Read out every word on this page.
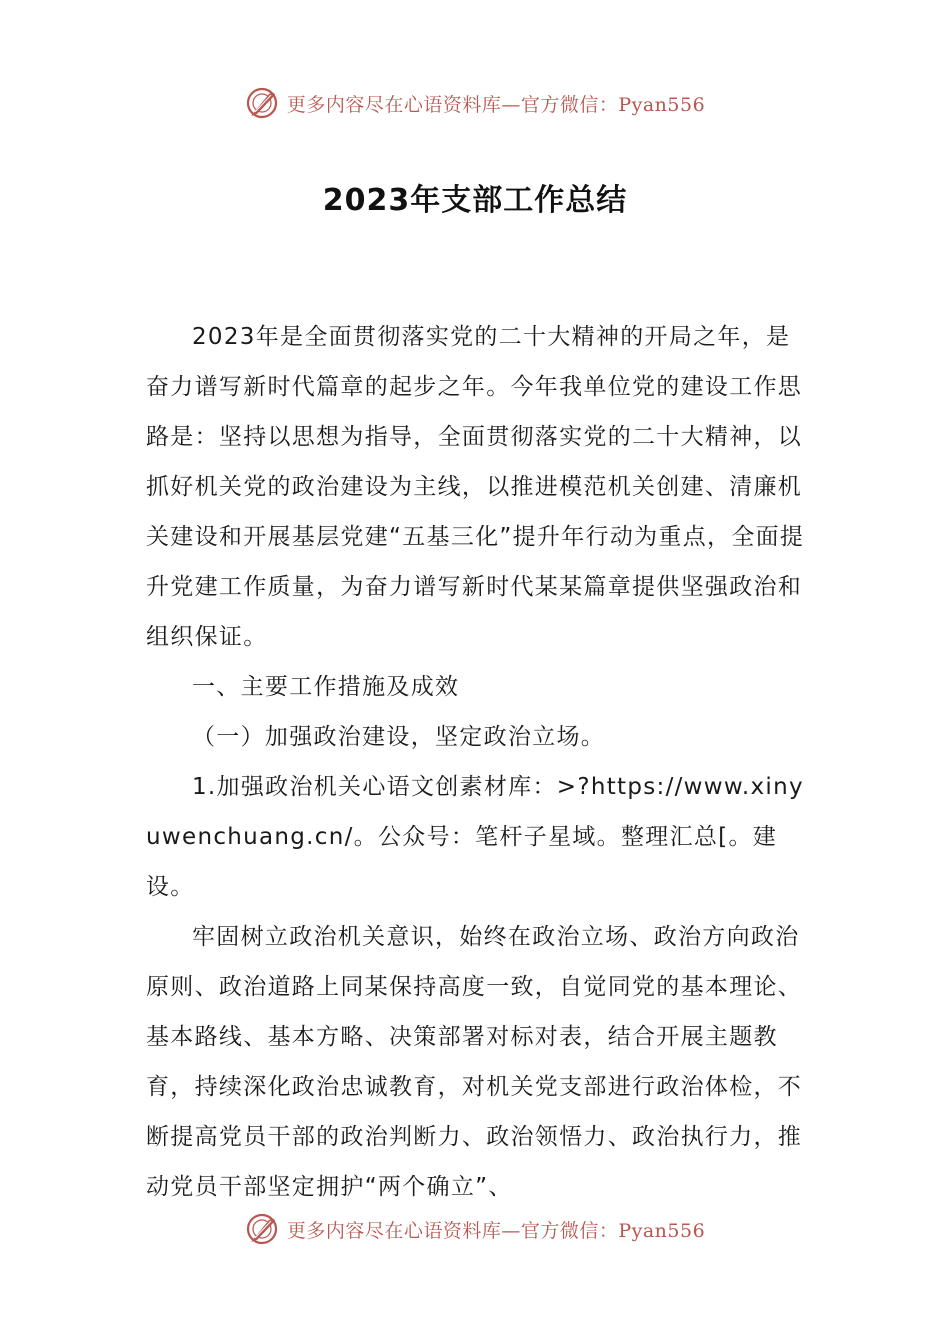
更多内容尽在心语资料库—官方微信：Pyan556
2023年支部工作总结

2023年是全面贯彻落实党的二十大精神的开局之年，是奋力谱写新时代篇章的起步之年。今年我单位党的建设工作思路是：坚持以思想为指导，全面贯彻落实党的二十大精神，以抓好机关党的政治建设为主线，以推进模范机关创建、清廉机关建设和开展基层党建“五基三化”提升年行动为重点，全面提升党建工作质量，为奋力谱写新时代某某篇章提供坚强政治和组织保证。

一、主要工作措施及成效

（一）加强政治建设，坚定政治立场。

1.加强政治机关心语文创素材库：>?https://www.xinyuwenchuang.cn/。公众号：笔杆子星域。整理汇总[。建设。

牢固树立政治机关意识，始终在政治立场、政治方向政治原则、政治道路上同某保持高度一致，自觉同党的基本理论、基本路线、基本方略、决策部署对标对表，结合开展主题教育，持续深化政治忠诚教育，对机关党支部进行政治体检，不断提高党员干部的政治判断力、政治领悟力、政治执行力，推动党员干部坚定拥护“两个确立”、

更多内容尽在心语资料库—官方微信：Pyan556
